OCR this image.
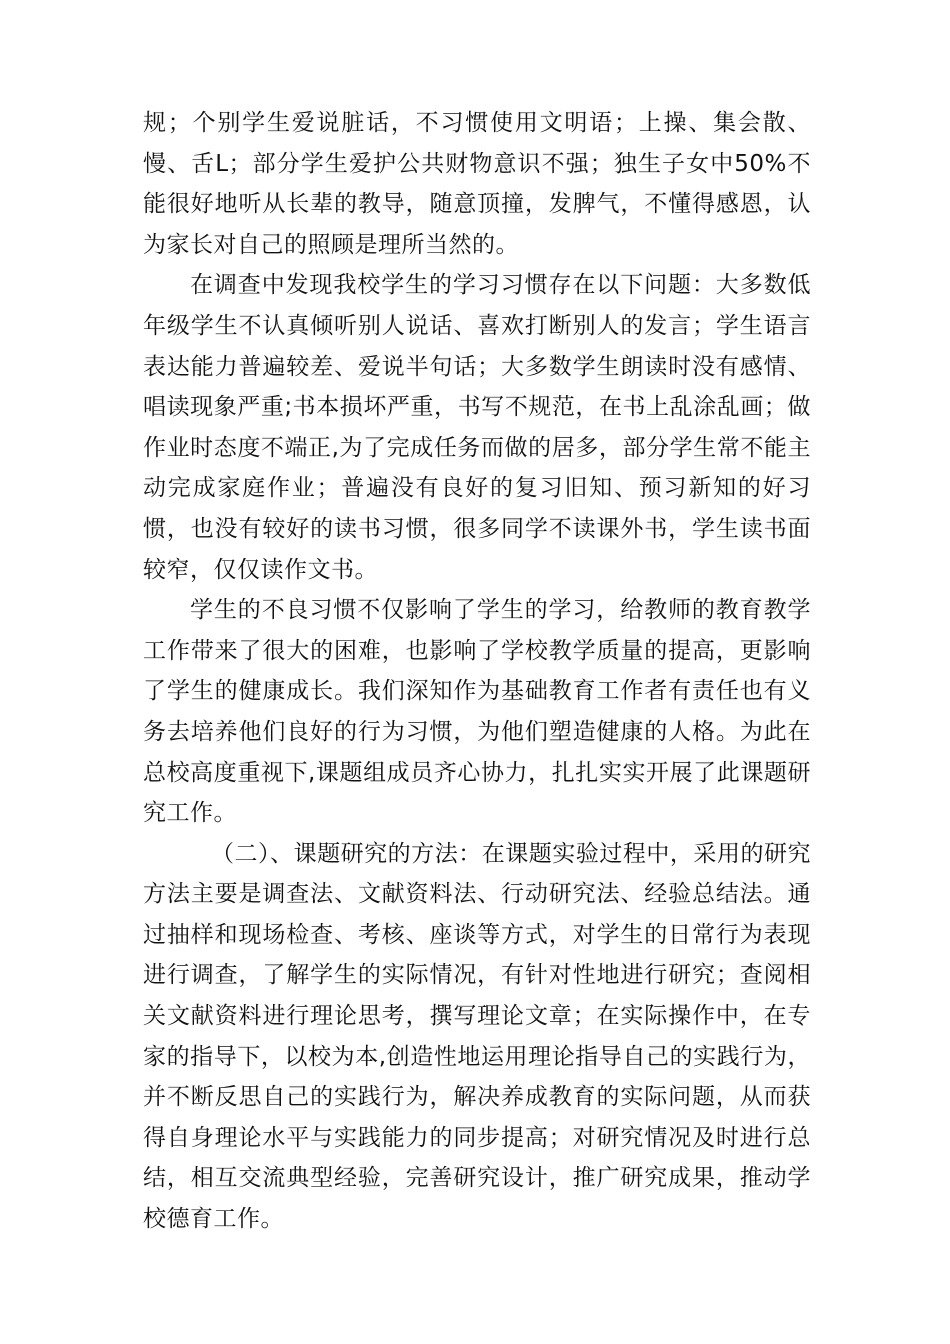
规；个别学生爱说脏话，不习惯使用文明语；上操、集会散、慢、舌L；部分学生爱护公共财物意识不强；独生子女中50%不能很好地听从长辈的教导，随意顶撞，发脾气，不懂得感恩，认为家长对自己的照顾是理所当然的。

在调查中发现我校学生的学习习惯存在以下问题：大多数低年级学生不认真倾听别人说话、喜欢打断别人的发言；学生语言表达能力普遍较差、爱说半句话；大多数学生朗读时没有感情、唱读现象严重;书本损坏严重，书写不规范，在书上乱涂乱画；做作业时态度不端正,为了完成任务而做的居多，部分学生常不能主动完成家庭作业；普遍没有良好的复习旧知、预习新知的好习惯，也没有较好的读书习惯，很多同学不读课外书，学生读书面较窄，仅仅读作文书。

学生的不良习惯不仅影响了学生的学习，给教师的教育教学工作带来了很大的困难，也影响了学校教学质量的提高，更影响了学生的健康成长。我们深知作为基础教育工作者有责任也有义务去培养他们良好的行为习惯，为他们塑造健康的人格。为此在总校高度重视下,课题组成员齐心协力，扎扎实实开展了此课题研究工作。

（二）、课题研究的方法：在课题实验过程中，采用的研究方法主要是调查法、文献资料法、行动研究法、经验总结法。通过抽样和现场检查、考核、座谈等方式，对学生的日常行为表现进行调查，了解学生的实际情况，有针对性地进行研究；查阅相关文献资料进行理论思考，撰写理论文章；在实际操作中，在专家的指导下，以校为本,创造性地运用理论指导自己的实践行为，并不断反思自己的实践行为，解决养成教育的实际问题，从而获得自身理论水平与实践能力的同步提高；对研究情况及时进行总结，相互交流典型经验，完善研究设计，推广研究成果，推动学校德育工作。
